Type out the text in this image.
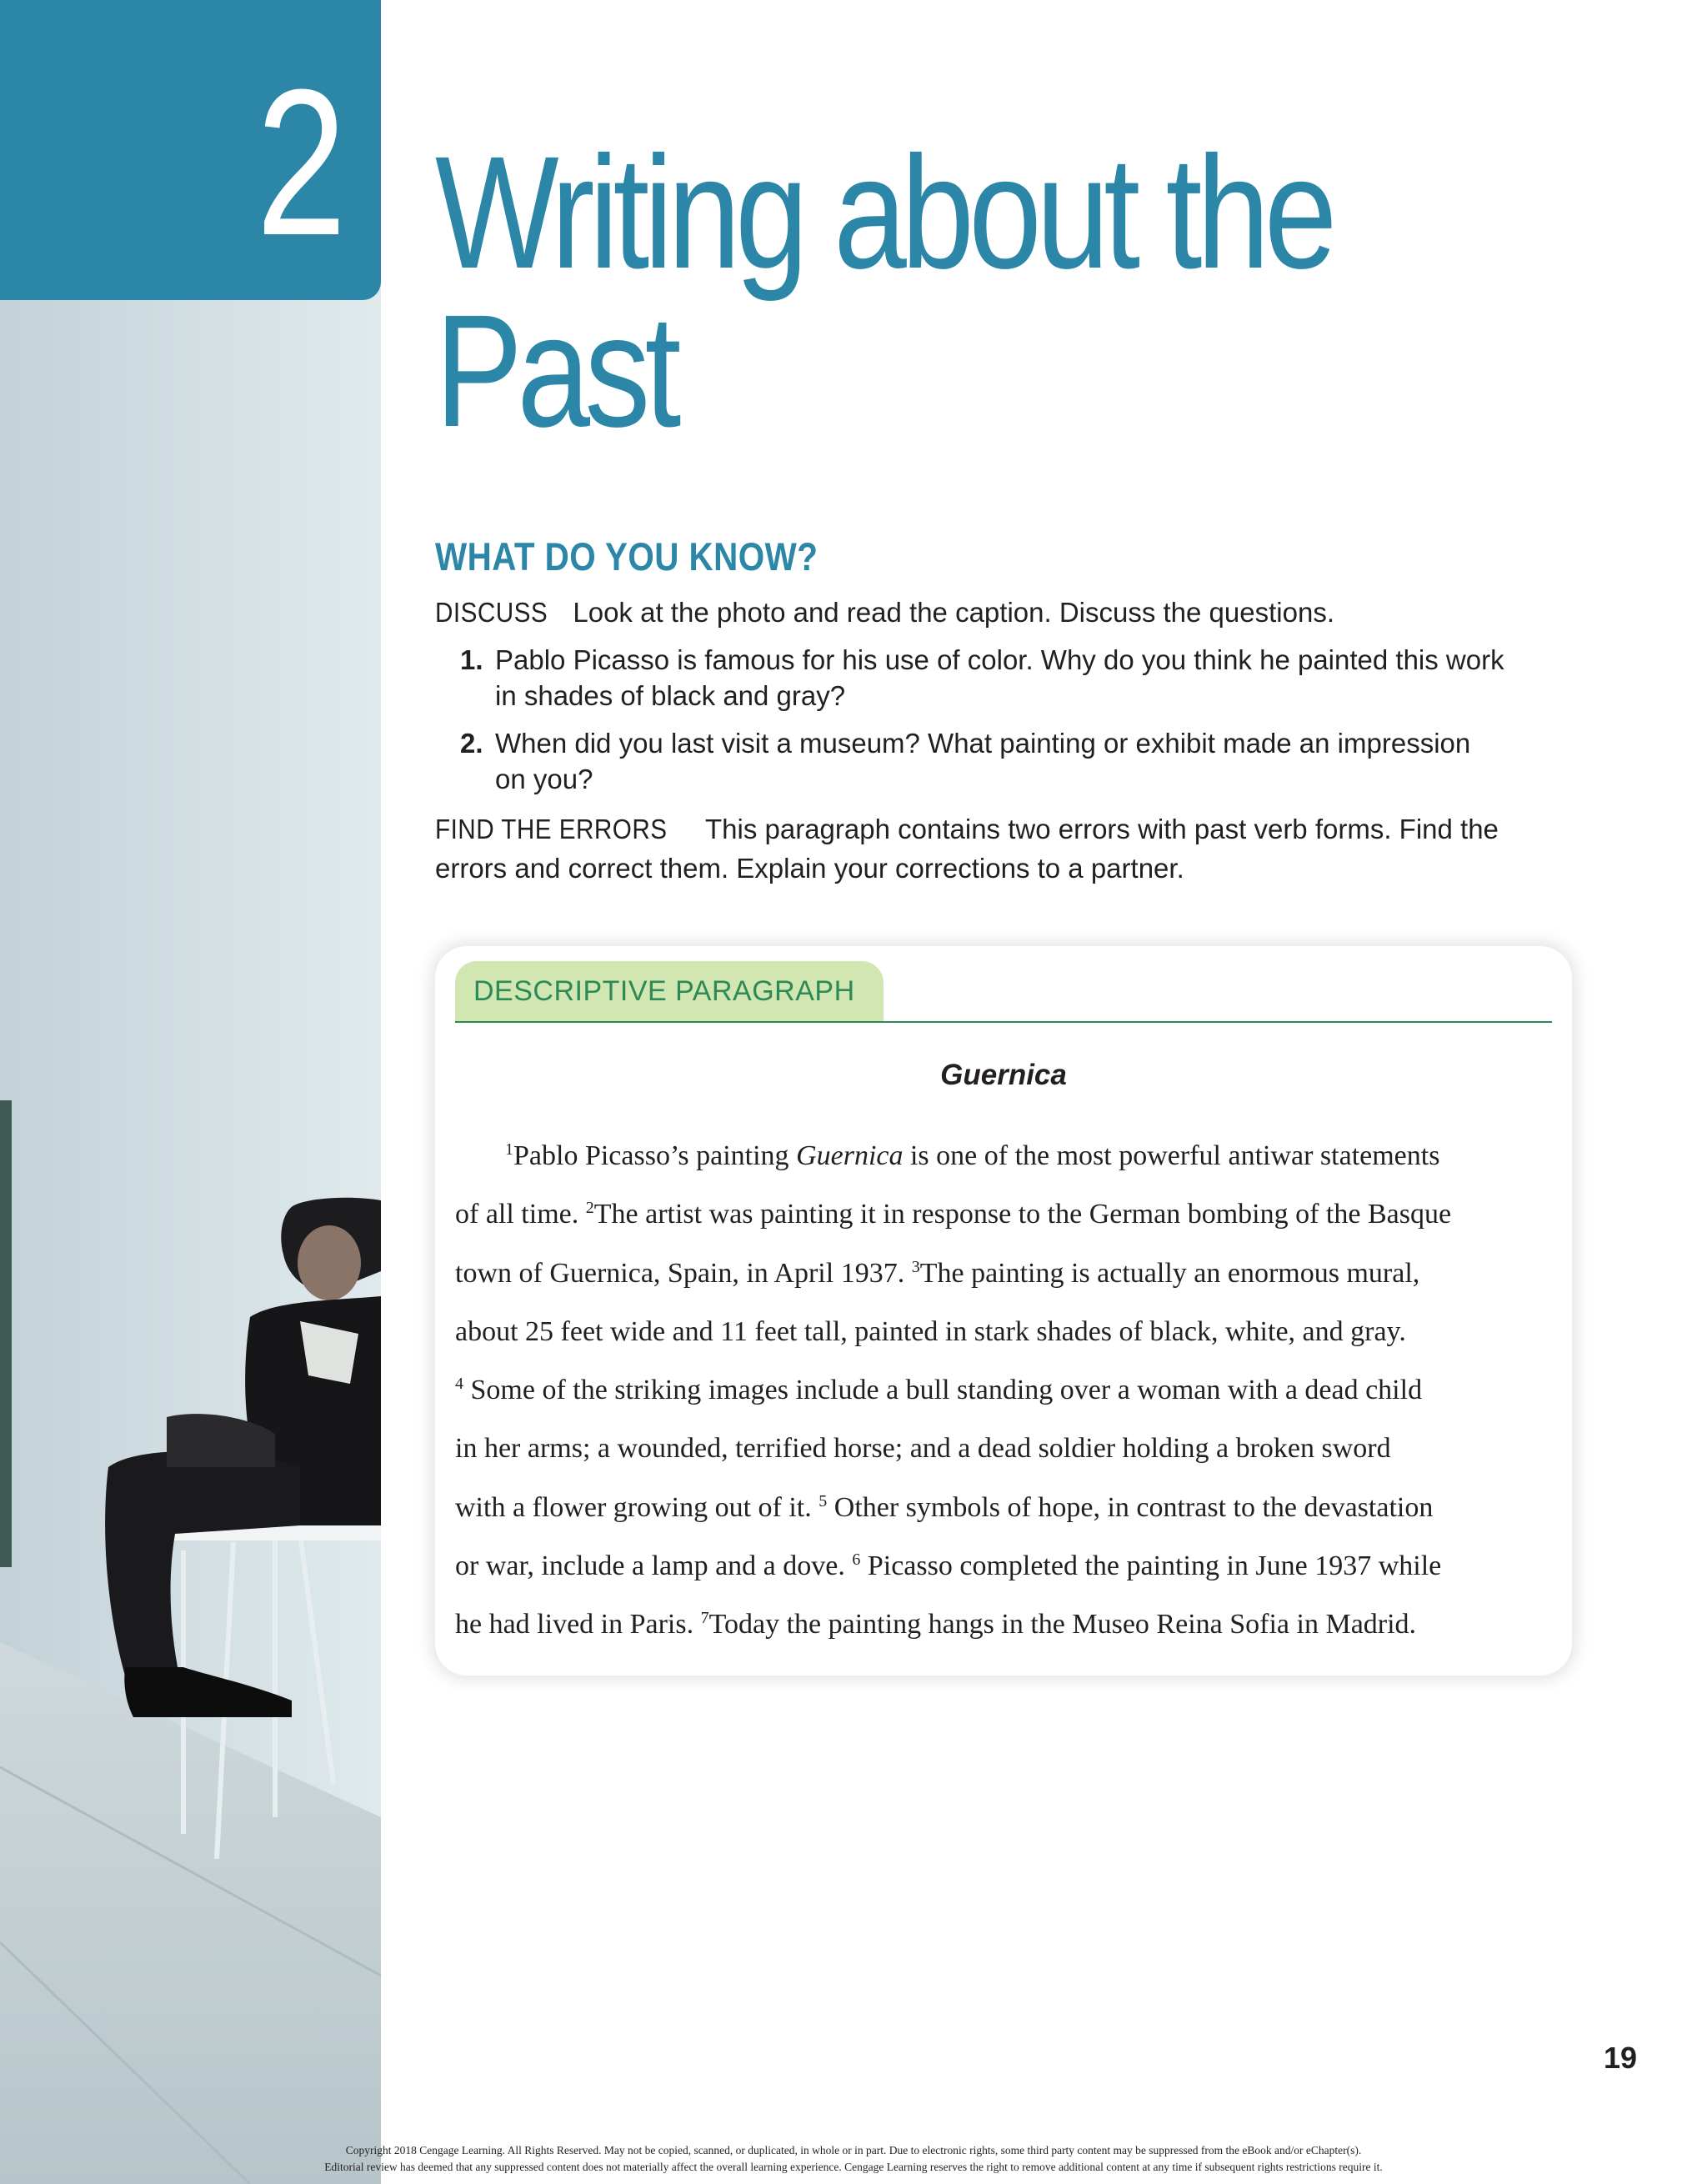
2 Writing about the
Past
WHAT DO YOU KNOW?
DISCUSS Look at the photo and read the caption. Discuss the questions.
1. Pablo Picasso is famous for his use of color. Why do you think he painted this work
in shades of black and gray?
2. When did you last visit a museum? What painting or exhibit made an impression
on you?
FIND THE ERRORS This paragraph contains two errors with past verb forms. Find the
errors and correct them. Explain your corrections to a partner.
DESCRIPTIVE PARAGRAPH
Guernica
$^1$Pablo Picasso’s painting Guernica is one of the most powerful antiwar statements
of all time. $^2$The artist was painting it in response to the German bombing of the Basque
town of Guernica, Spain, in April 1937. $^3$The painting is actually an enormous mural,
about 25 feet wide and 11 feet tall, painted in stark shades of black, white, and gray.
$^4$ Some of the striking images include a bull standing over a woman with a dead child
in her arms; a wounded, terrified horse; and a dead soldier holding a broken sword
with a flower growing out of it. $^5$ Other symbols of hope, in contrast to the devastation
or war, include a lamp and a dove. $^6$ Picasso completed the painting in June 1937 while
he had lived in Paris. $^7$Today the painting hangs in the Museo Reina Sofia in Madrid.
19
Copyright 2018 Cengage Learning. All Rights Reserved. May not be copied, scanned, or duplicated, in whole or in part. Due to electronic rights, some third party content may be suppressed from the eBook and/or eChapter(s).
Editorial review has deemed that any suppressed content does not materially affect the overall learning experience. Cengage Learning reserves the right to remove additional content at any time if subsequent rights restrictions require it.
